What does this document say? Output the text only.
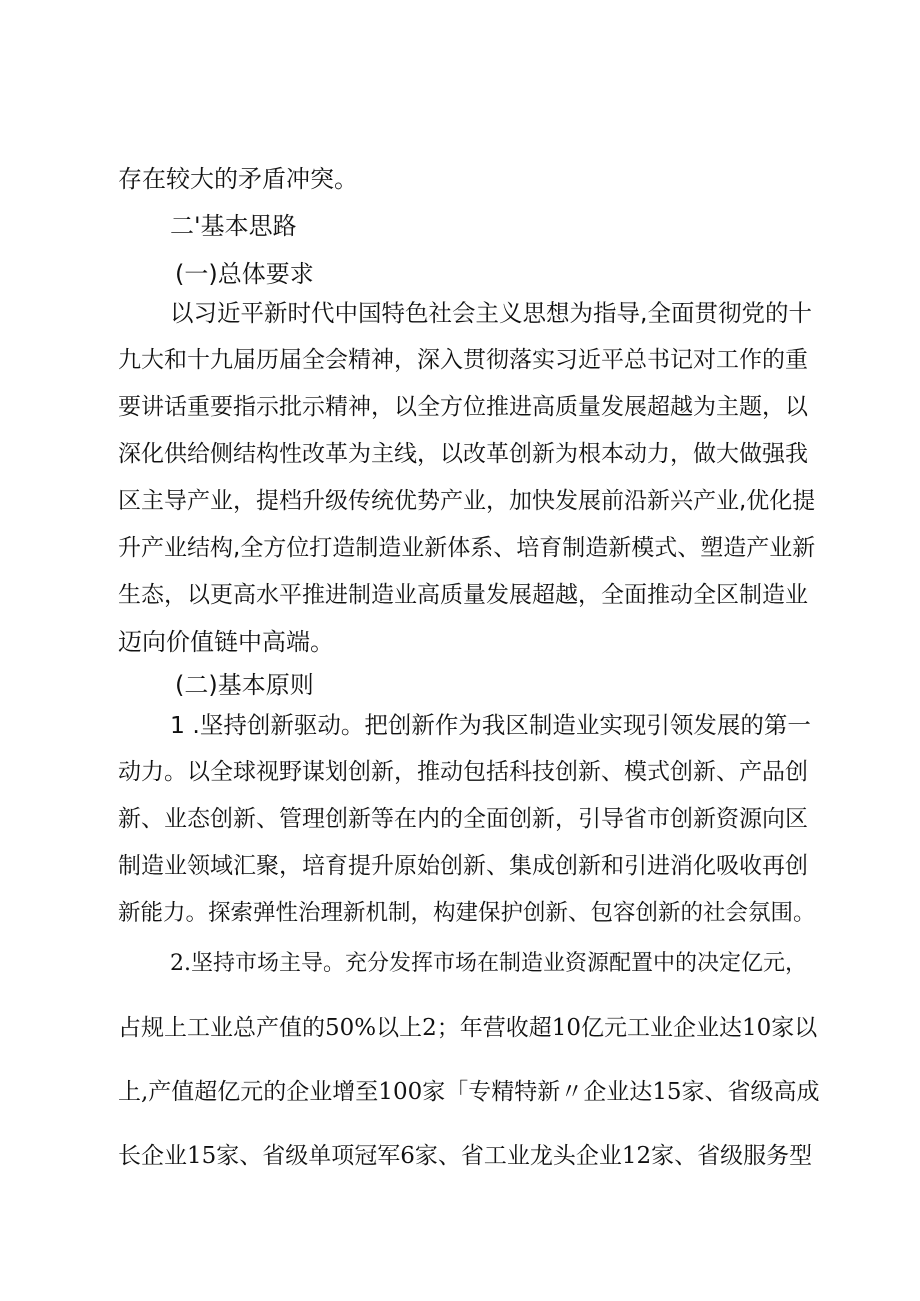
存在较大的矛盾冲突。

二'基本思路

(一)总体要求

以习近平新时代中国特色社会主义思想为指导,全面贯彻党的十

九大和十九届历届全会精神，深入贯彻落实习近平总书记对工作的重

要讲话重要指示批示精神，以全方位推进高质量发展超越为主题，以

深化供给侧结构性改革为主线，以改革创新为根本动力，做大做强我

区主导产业，提档升级传统优势产业，加快发展前沿新兴产业,优化提

升产业结构,全方位打造制造业新体系、培育制造新模式、塑造产业新

生态，以更高水平推进制造业高质量发展超越，全面推动全区制造业

迈向价值链中高端。

(二)基本原则

1 .坚持创新驱动。把创新作为我区制造业实现引领发展的第一

动力。以全球视野谋划创新，推动包括科技创新、模式创新、产品创

新、业态创新、管理创新等在内的全面创新，引导省市创新资源向区

制造业领域汇聚，培育提升原始创新、集成创新和引进消化吸收再创

新能力。探索弹性治理新机制，构建保护创新、包容创新的社会氛围。

2.坚持市场主导。充分发挥市场在制造业资源配置中的决定亿元，

占规上工业总产值的50%以上2；年营收超10亿元工业企业达10家以

上,产值超亿元的企业增至100家「专精特新〃企业达15家、省级高成

长企业15家、省级单项冠军6家、省工业龙头企业12家、省级服务型
